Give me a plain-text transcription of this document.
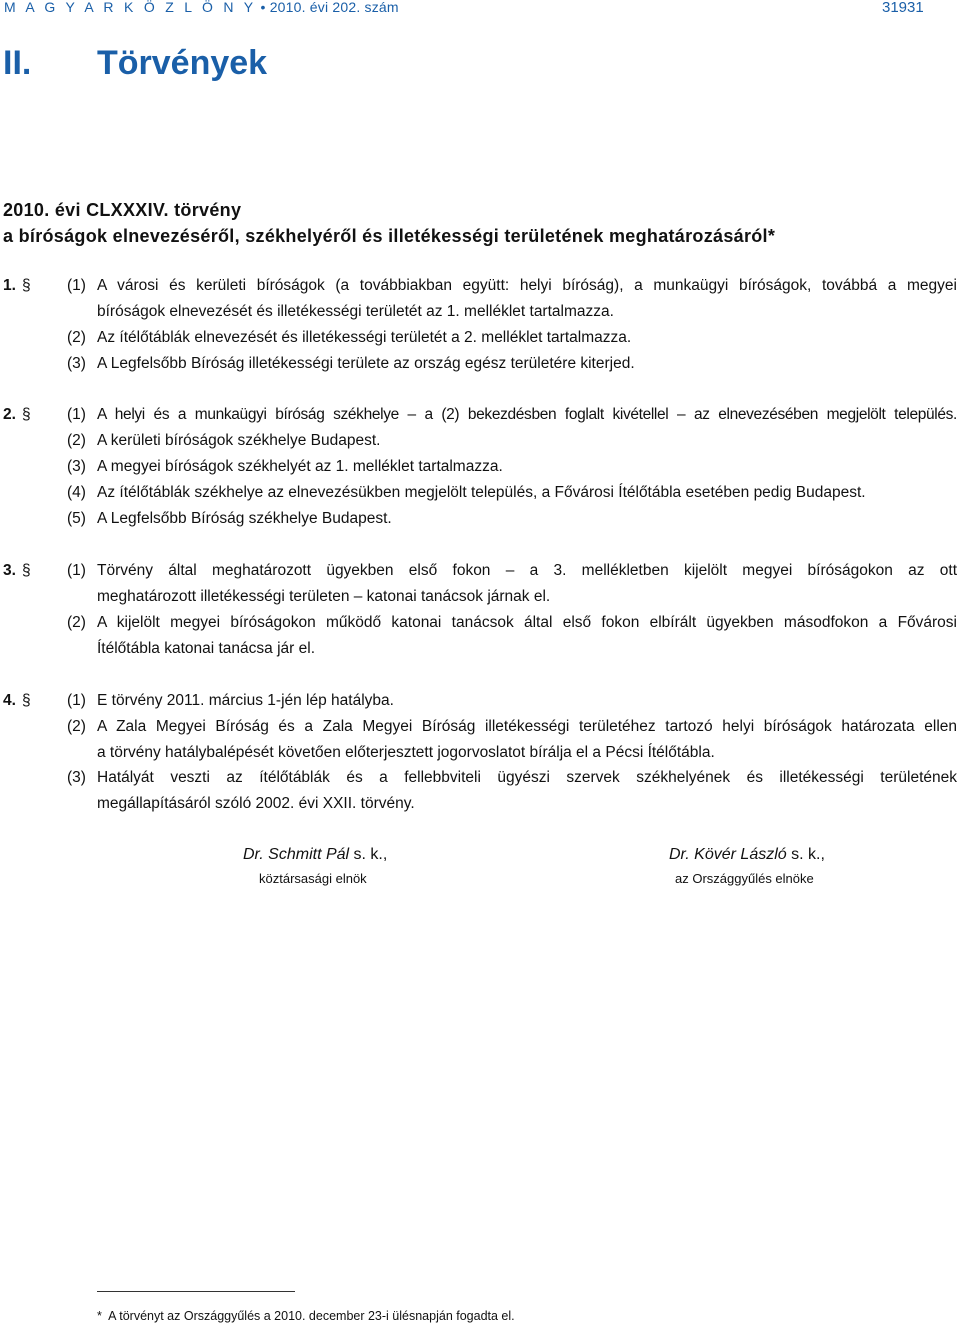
M A G Y A R K Ö Z L Ö N Y • 2010. évi 202. szám	31931
II. Törvények
2010. évi CLXXXIV. törvény
a bíróságok elnevezéséről, székhelyéről és illetékességi területének meghatározásáról*
1. § (1) A városi és kerületi bíróságok (a továbbiakban együtt: helyi bíróság), a munkaügyi bíróságok, továbbá a megyei
bíróságok elnevezését és illetékességi területét az 1. melléklet tartalmazza.
(2) Az ítélőtáblák elnevezését és illetékességi területét a 2. melléklet tartalmazza.
(3) A Legfelsőbb Bíróság illetékességi területe az ország egész területére kiterjed.
2. § (1) A helyi és a munkaügyi bíróság székhelye – a (2) bekezdésben foglalt kivétellel – az elnevezésében megjelölt település.
(2) A kerületi bíróságok székhelye Budapest.
(3) A megyei bíróságok székhelyét az 1. melléklet tartalmazza.
(4) Az ítélőtáblák székhelye az elnevezésükben megjelölt település, a Fővárosi Ítélőtábla esetében pedig Budapest.
(5) A Legfelsőbb Bíróság székhelye Budapest.
3. § (1) Törvény által meghatározott ügyekben első fokon – a 3. mellékletben kijelölt megyei bíróságokon az ott
meghatározott illetékességi területen – katonai tanácsok járnak el.
(2) A kijelölt megyei bíróságokon működő katonai tanácsok által első fokon elbírált ügyekben másodfokon a Fővárosi
Ítélőtábla katonai tanácsa jár el.
4. § (1) E törvény 2011. március 1-jén lép hatályba.
(2) A Zala Megyei Bíróság és a Zala Megyei Bíróság illetékességi területéhez tartozó helyi bíróságok határozata ellen
a törvény hatálybalépését követően előterjesztett jogorvoslatot bírálja el a Pécsi Ítélőtábla.
(3) Hatályát veszti az ítélőtáblák és a fellebbviteli ügyészi szervek székhelyének és illetékességi területének
megállapításáról szóló 2002. évi XXII. törvény.
Dr. Schmitt Pál s. k.,
köztársasági elnök
Dr. Kövér László s. k.,
az Országgyűlés elnöke
*  A törvényt az Országgyűlés a 2010. december 23-i ülésnapján fogadta el.
